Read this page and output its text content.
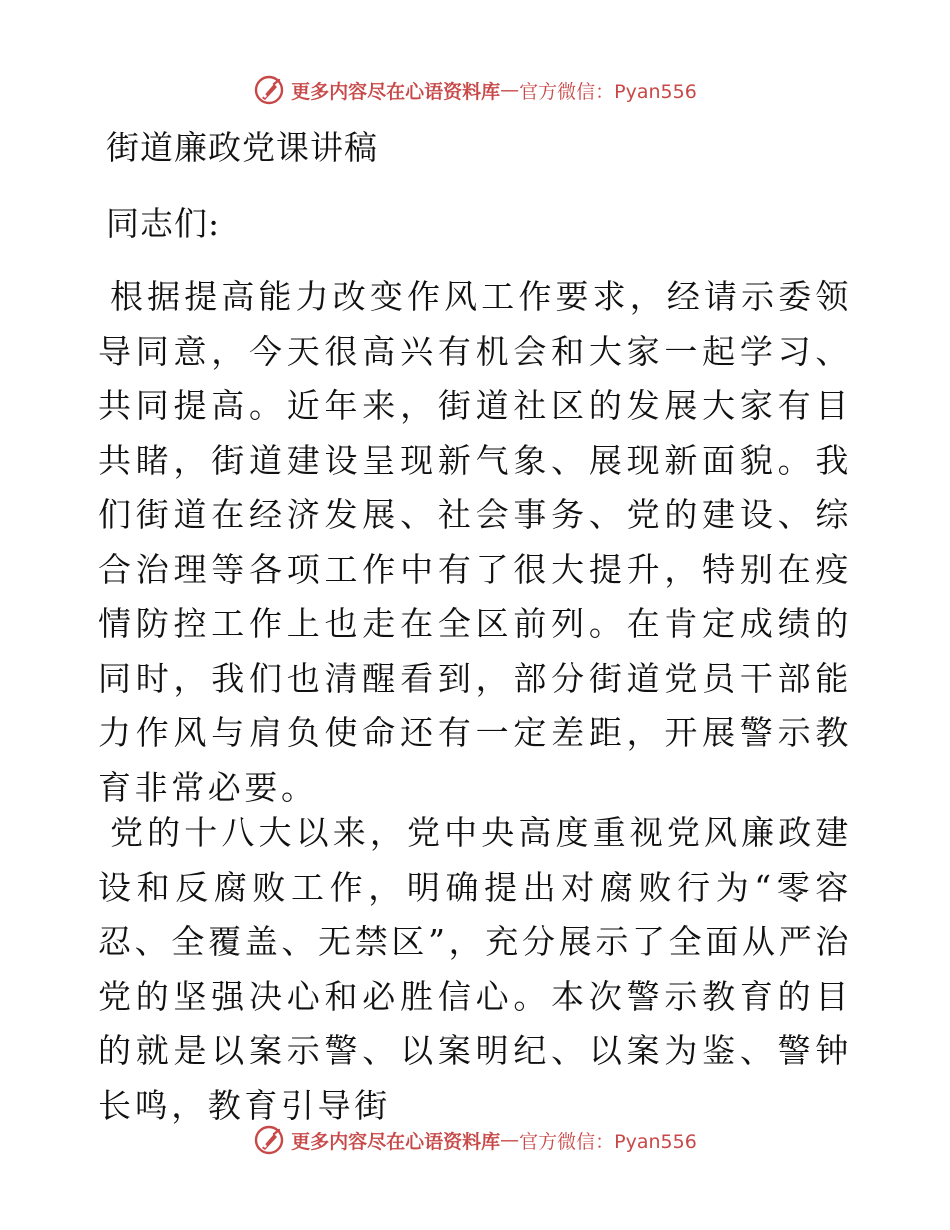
更多内容尽在心语资料库 — 官方微信：Pyan556
街道廉政党课讲稿
同志们:
根据提高能力改变作风工作要求，经请示委领导同意，今天很高兴有机会和大家一起学习、共同提高。近年来，街道社区的发展大家有目共睹，街道建设呈现新气象、展现新面貌。我们街道在经济发展、社会事务、党的建设、综合治理等各项工作中有了很大提升，特别在疫情防控工作上也走在全区前列。在肯定成绩的同时，我们也清醒看到，部分街道党员干部能力作风与肩负使命还有一定差距，开展警示教育非常必要。
党的十八大以来，党中央高度重视党风廉政建设和反腐败工作，明确提出对腐败行为“零容忍、全覆盖、无禁区”，充分展示了全面从严治党的坚强决心和必胜信心。本次警示教育的目的就是以案示警、以案明纪、以案为鉴、警钟长鸣，教育引导街
更多内容尽在心语资料库 — 官方微信：Pyan556
